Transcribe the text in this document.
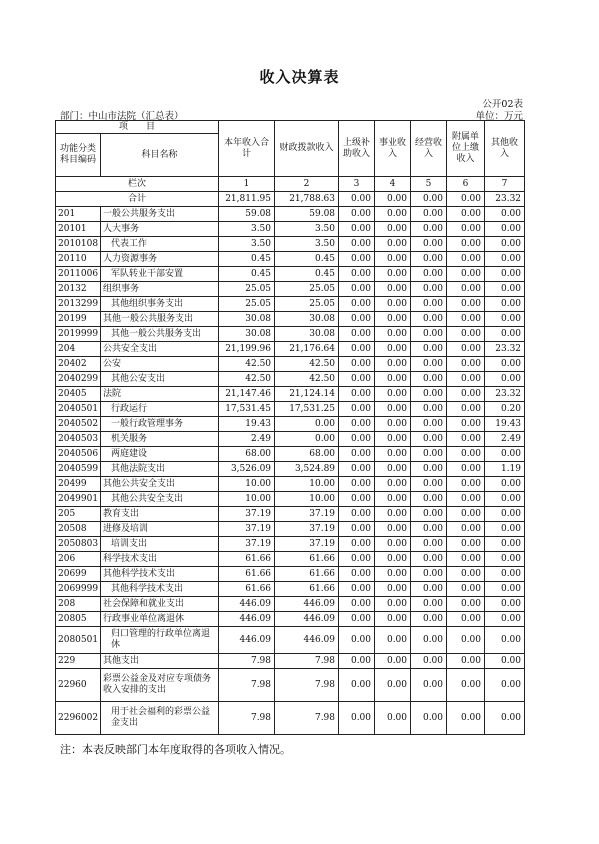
收入决算表
公开02表
部门：中山市法院（汇总表）	单位：万元
项　　目		本年收入合计	财政拨款收入	上级补助收入	事业收入	经营收入	附属单位上缴收入	其他收入
功能分类科目编码	科目名称							
栏次		1	2	3	4	5	6	7
合计		21,811.95	21,788.63	0.00	0.00	0.00	0.00	23.32
201	一般公共服务支出	59.08	59.08	0.00	0.00	0.00	0.00	0.00
20101	人大事务	3.50	3.50	0.00	0.00	0.00	0.00	0.00
2010108	代表工作	3.50	3.50	0.00	0.00	0.00	0.00	0.00
20110	人力资源事务	0.45	0.45	0.00	0.00	0.00	0.00	0.00
2011006	军队转业干部安置	0.45	0.45	0.00	0.00	0.00	0.00	0.00
20132	组织事务	25.05	25.05	0.00	0.00	0.00	0.00	0.00
2013299	其他组织事务支出	25.05	25.05	0.00	0.00	0.00	0.00	0.00
20199	其他一般公共服务支出	30.08	30.08	0.00	0.00	0.00	0.00	0.00
2019999	其他一般公共服务支出	30.08	30.08	0.00	0.00	0.00	0.00	0.00
204	公共安全支出	21,199.96	21,176.64	0.00	0.00	0.00	0.00	23.32
20402	公安	42.50	42.50	0.00	0.00	0.00	0.00	0.00
2040299	其他公安支出	42.50	42.50	0.00	0.00	0.00	0.00	0.00
20405	法院	21,147.46	21,124.14	0.00	0.00	0.00	0.00	23.32
2040501	行政运行	17,531.45	17,531.25	0.00	0.00	0.00	0.00	0.20
2040502	一般行政管理事务	19.43	0.00	0.00	0.00	0.00	0.00	19.43
2040503	机关服务	2.49	0.00	0.00	0.00	0.00	0.00	2.49
2040506	两庭建设	68.00	68.00	0.00	0.00	0.00	0.00	0.00
2040599	其他法院支出	3,526.09	3,524.89	0.00	0.00	0.00	0.00	1.19
20499	其他公共安全支出	10.00	10.00	0.00	0.00	0.00	0.00	0.00
2049901	其他公共安全支出	10.00	10.00	0.00	0.00	0.00	0.00	0.00
205	教育支出	37.19	37.19	0.00	0.00	0.00	0.00	0.00
20508	进修及培训	37.19	37.19	0.00	0.00	0.00	0.00	0.00
2050803	培训支出	37.19	37.19	0.00	0.00	0.00	0.00	0.00
206	科学技术支出	61.66	61.66	0.00	0.00	0.00	0.00	0.00
20699	其他科学技术支出	61.66	61.66	0.00	0.00	0.00	0.00	0.00
2069999	其他科学技术支出	61.66	61.66	0.00	0.00	0.00	0.00	0.00
208	社会保障和就业支出	446.09	446.09	0.00	0.00	0.00	0.00	0.00
20805	行政事业单位离退休	446.09	446.09	0.00	0.00	0.00	0.00	0.00
2080501	归口管理的行政单位离退休	446.09	446.09	0.00	0.00	0.00	0.00	0.00
229	其他支出	7.98	7.98	0.00	0.00	0.00	0.00	0.00
22960	彩票公益金及对应专项债务收入安排的支出	7.98	7.98	0.00	0.00	0.00	0.00	0.00
2296002	用于社会福利的彩票公益金支出	7.98	7.98	0.00	0.00	0.00	0.00	0.00
注：本表反映部门本年度取得的各项收入情况。
